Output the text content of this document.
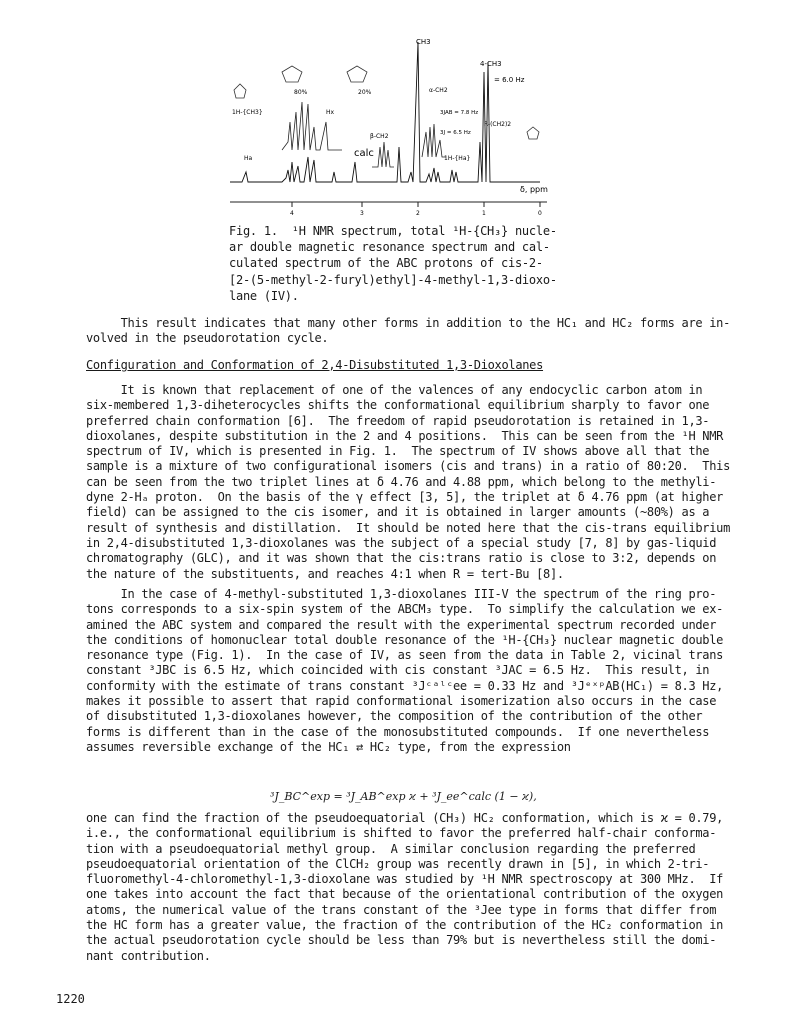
4	3	2	1	0
CH3
4-CH3
= 6.0 Hz
80%	20%
1H-{CH3}
α-CH2
β-CH2
calc
R-(CH2)2
1H-{Ha}
3JAB = 7.8 Hz
3J = 6.5 Hz
Ha
Hx
δ, ppm
Fig. 1.  ¹H NMR spectrum, total ¹H-{CH₃} nucle-
ar double magnetic resonance spectrum and cal-
culated spectrum of the ABC protons of cis-2-
[2-(5-methyl-2-furyl)ethyl]-4-methyl-1,3-dioxo-
lane (IV).
This result indicates that many other forms in addition to the HC₁ and HC₂ forms are in-
volved in the pseudorotation cycle.
Configuration and Conformation of 2,4-Disubstituted 1,3-Dioxolanes
It is known that replacement of one of the valences of any endocyclic carbon atom in
six-membered 1,3-diheterocycles shifts the conformational equilibrium sharply to favor one
preferred chain conformation [6].  The freedom of rapid pseudorotation is retained in 1,3-
dioxolanes, despite substitution in the 2 and 4 positions.  This can be seen from the ¹H NMR
spectrum of IV, which is presented in Fig. 1.  The spectrum of IV shows above all that the
sample is a mixture of two configurational isomers (cis and trans) in a ratio of 80:20.  This
can be seen from the two triplet lines at δ 4.76 and 4.88 ppm, which belong to the methyli-
dyne 2-Hₐ proton.  On the basis of the γ effect [3, 5], the triplet at δ 4.76 ppm (at higher
field) can be assigned to the cis isomer, and it is obtained in larger amounts (~80%) as a
result of synthesis and distillation.  It should be noted here that the cis-trans equilibrium
in 2,4-disubstituted 1,3-dioxolanes was the subject of a special study [7, 8] by gas-liquid
chromatography (GLC), and it was shown that the cis:trans ratio is close to 3:2, depends on
the nature of the substituents, and reaches 4:1 when R = tert-Bu [8].
In the case of 4-methyl-substituted 1,3-dioxolanes III-V the spectrum of the ring pro-
tons corresponds to a six-spin system of the ABCM₃ type.  To simplify the calculation we ex-
amined the ABC system and compared the result with the experimental spectrum recorded under
the conditions of homonuclear total double resonance of the ¹H-{CH₃} nuclear magnetic double
resonance type (Fig. 1).  In the case of IV, as seen from the data in Table 2, vicinal trans
constant ³JBC is 6.5 Hz, which coincided with cis constant ³JAC = 6.5 Hz.  This result, in
conformity with the estimate of trans constant ³Jᶜᵃˡᶜee = 0.33 Hz and ³JᵉˣᵖAB(HC₁) = 8.3 Hz,
makes it possible to assert that rapid conformational isomerization also occurs in the case
of disubstituted 1,3-dioxolanes however, the composition of the contribution of the other
forms is different than in the case of the monosubstituted compounds.  If one nevertheless
assumes reversible exchange of the HC₁ ⇄ HC₂ type, from the expression
³J_BC^exp = ³J_AB^exp ϰ + ³J_ee^calc (1 − ϰ),
one can find the fraction of the pseudoequatorial (CH₃) HC₂ conformation, which is ϰ = 0.79,
i.e., the conformational equilibrium is shifted to favor the preferred half-chair conforma-
tion with a pseudoequatorial methyl group.  A similar conclusion regarding the preferred
pseudoequatorial orientation of the ClCH₂ group was recently drawn in [5], in which 2-tri-
fluoromethyl-4-chloromethyl-1,3-dioxolane was studied by ¹H NMR spectroscopy at 300 MHz.  If
one takes into account the fact that because of the orientational contribution of the oxygen
atoms, the numerical value of the trans constant of the ³Jee type in forms that differ from
the HC form has a greater value, the fraction of the contribution of the HC₂ conformation in
the actual pseudorotation cycle should be less than 79% but is nevertheless still the domi-
nant contribution.
1220
